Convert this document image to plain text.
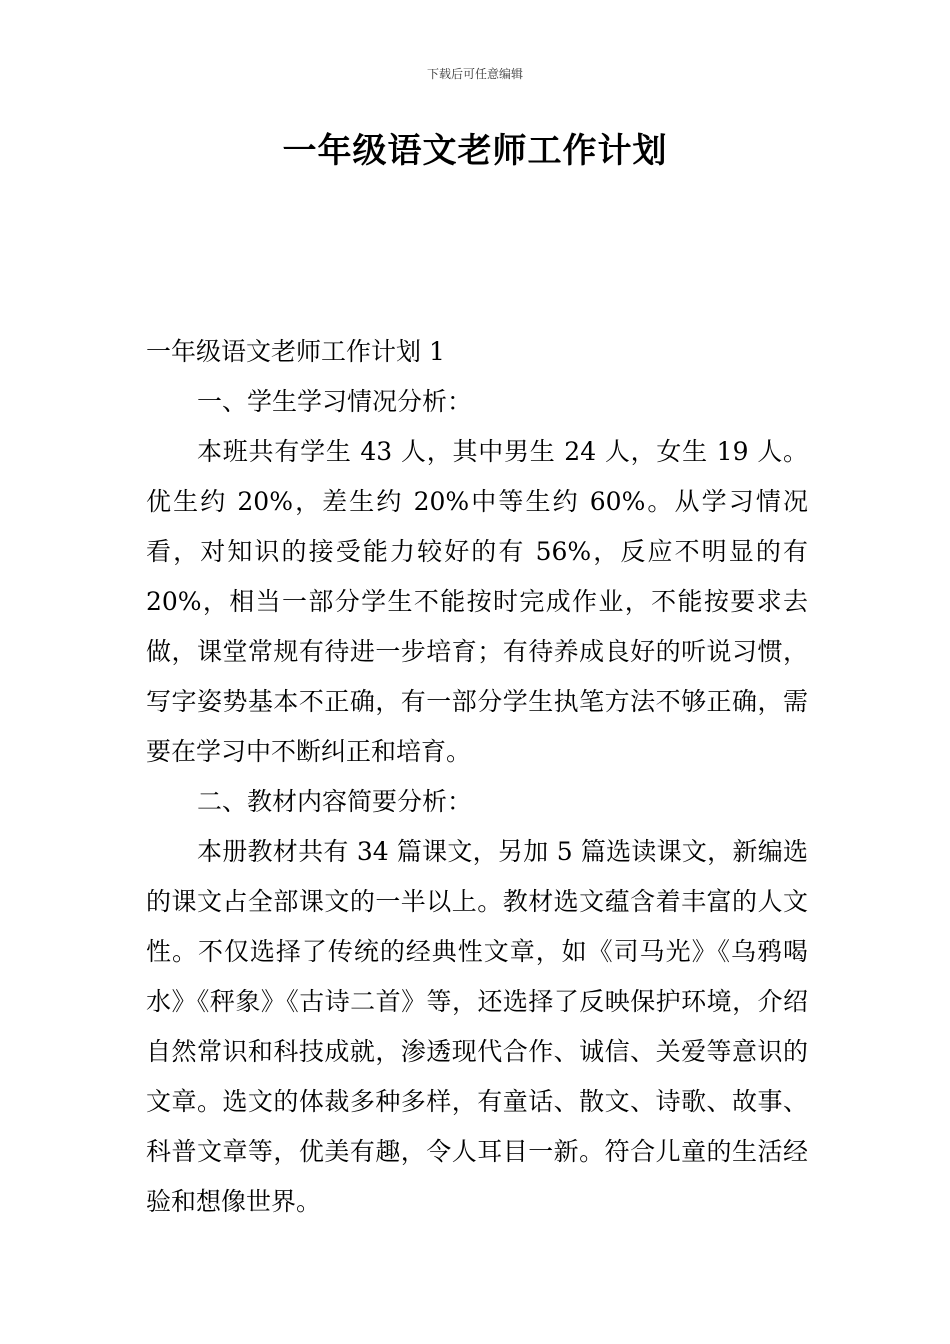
下载后可任意编辑
一年级语文老师工作计划

一年级语文老师工作计划 1

一、学生学习情况分析：

本班共有学生 43 人，其中男生 24 人，女生 19 人。优生约 20%，差生约 20%中等生约 60%。从学习情况看，对知识的接受能力较好的有 56%，反应不明显的有 20%，相当一部分学生不能按时完成作业，不能按要求去做，课堂常规有待进一步培育；有待养成良好的听说习惯，写字姿势基本不正确，有一部分学生执笔方法不够正确，需要在学习中不断纠正和培育。

二、教材内容简要分析：

本册教材共有 34 篇课文，另加 5 篇选读课文，新编选的课文占全部课文的一半以上。教材选文蕴含着丰富的人文性。不仅选择了传统的经典性文章，如《司马光》《乌鸦喝水》《秤象》《古诗二首》等，还选择了反映保护环境，介绍自然常识和科技成就，渗透现代合作、诚信、关爱等意识的文章。选文的体裁多种多样，有童话、散文、诗歌、故事、科普文章等，优美有趣，令人耳目一新。符合儿童的生活经验和想像世界。
